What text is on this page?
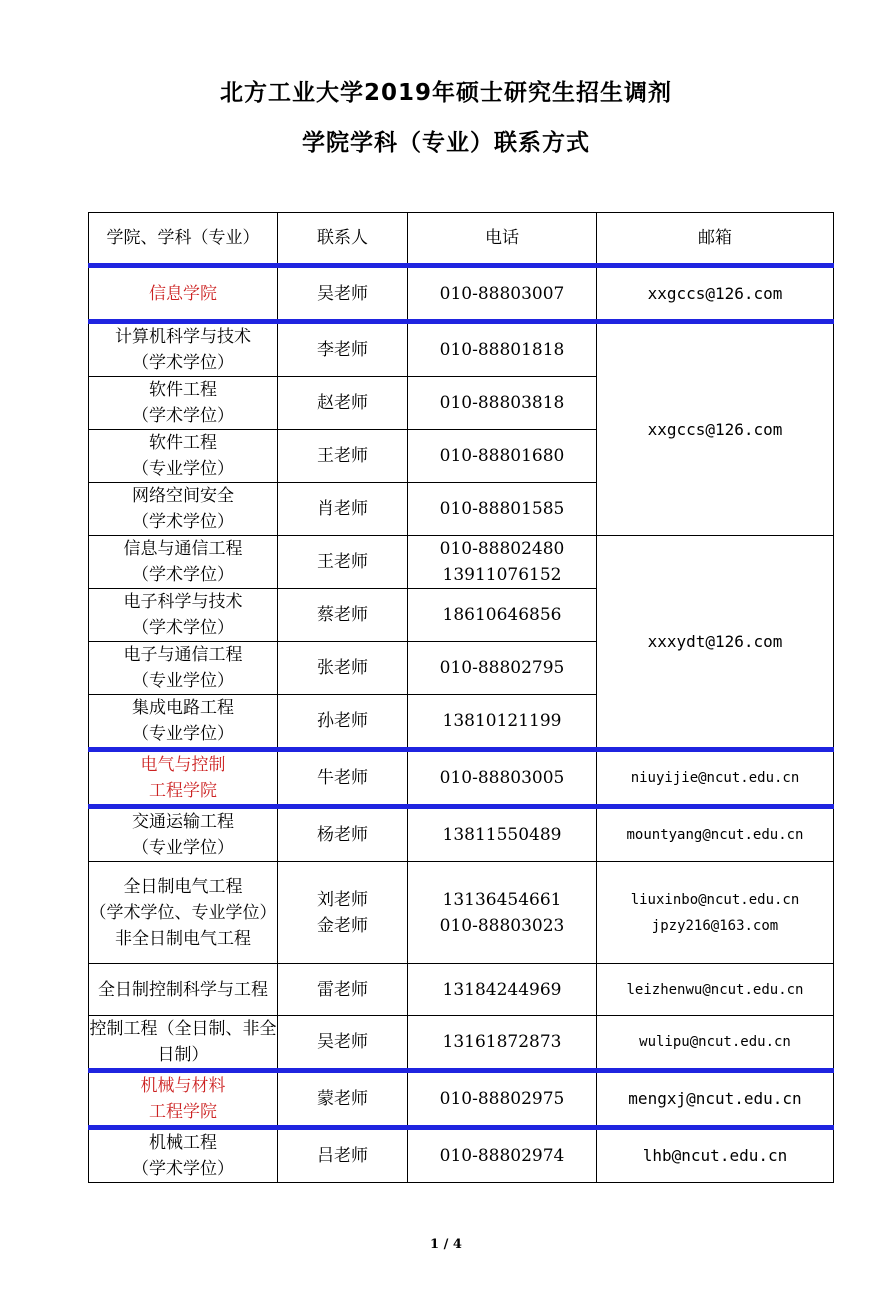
北方工业大学2019年硕士研究生招生调剂
学院学科（专业）联系方式
学院、学科（专业）	联系人	电话	邮箱
信息学院	吴老师	010-88803007	xxgccs@126.com

计算机科学与技术
（学术学位）	李老师	010-88801818	xxgccs@126.com

软件工程
（学术学位）	赵老师	010-88803818	

软件工程
（专业学位）	王老师	010-88801680	

网络空间安全
（学术学位）	肖老师	010-88801585	

信息与通信工程
（学术学位）	王老师	010-88802480
13911076152	xxxydt@126.com

电子科学与技术
（学术学位）	蔡老师	18610646856	

电子与通信工程
（专业学位）	张老师	010-88802795	

集成电路工程
（专业学位）	孙老师	13810121199	

电气与控制
工程学院	牛老师	010-88803005	niuyijie@ncut.edu.cn

交通运输工程
（专业学位）	杨老师	13811550489	mountyang@ncut.edu.cn

全日制电气工程
（学术学位、专业学位）
非全日制电气工程	刘老师
金老师	13136454661
010-88803023	liuxinbo@ncut.edu.cn
jpzy216@163.com

全日制控制科学与工程	雷老师	13184244969	leizhenwu@ncut.edu.cn
控制工程（全日制、非全日制）	吴老师	13161872873	wulipu@ncut.edu.cn

机械与材料
工程学院	蒙老师	010-88802975	mengxj@ncut.edu.cn

机械工程
（学术学位）	吕老师	010-88802974	lhb@ncut.edu.cn
1 / 4
